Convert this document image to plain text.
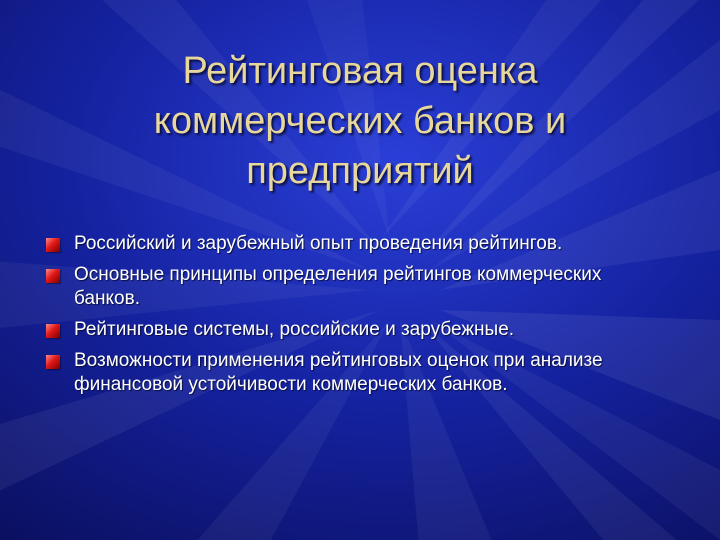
Рейтинговая оценка коммерческих банков и предприятий
Российский и зарубежный опыт проведения рейтингов.
Основные принципы определения рейтингов коммерческих банков.
Рейтинговые системы, российские и зарубежные.
Возможности применения рейтинговых оценок при анализе финансовой устойчивости коммерческих банков.
